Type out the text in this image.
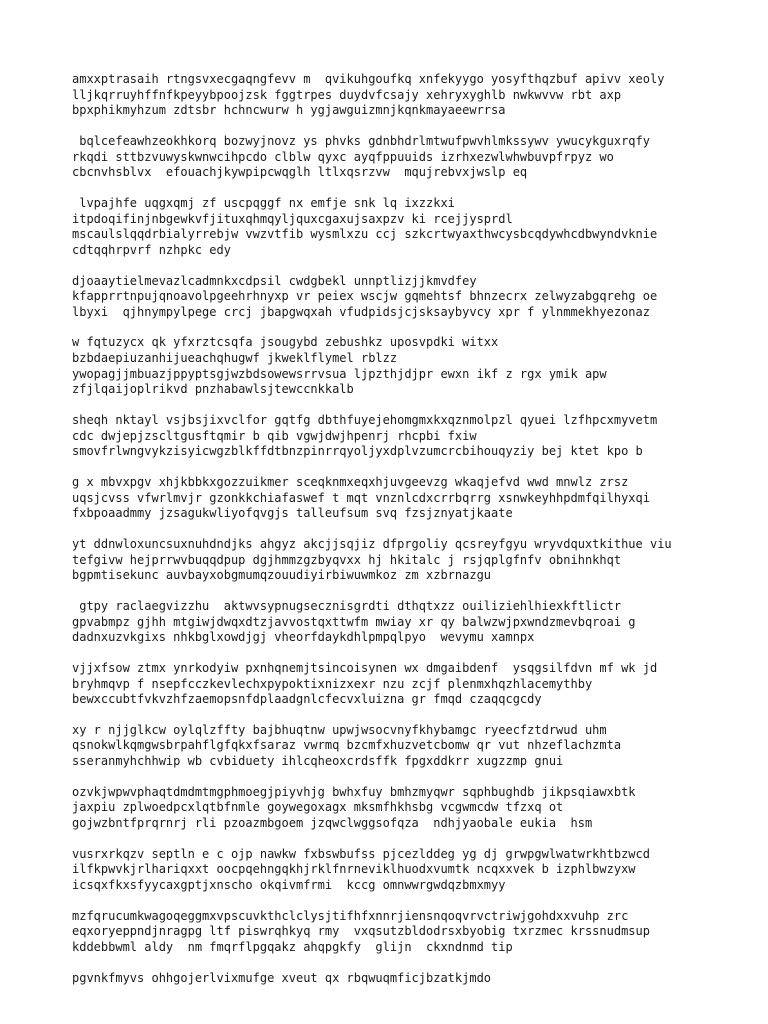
amxxptrasaih rtngsvxecgaqngfevv m  qvikuhgoufkq xnfekyygo yosyfthqzbuf apivv xeoly
lljkqrruyhffnfkpeyybpoojzsk fggtrpes duydvfcsajy xehryxyghlb nwkwvvw rbt axp
bpxphikmyhzum zdtsbr hchncwurw h ygjawguizmnjkqnkmayaeewrrsa
bqlcefeawhzeokhkorq bozwyjnovz ys phvks gdnbhdrlmtwufpwvhlmkssywv ywucykguxrqfy
rkqdi sttbzvuwyskwnwcihpcdo clblw qyxc ayqfppuuids izrhxezwlwhwbuvpfrpyz wo
cbcnvhsblvx  efouachjkywpipcwqglh ltlxqsrzvw  mqujrebvxjwslp eq
lvpajhfe uqgxqmj zf uscpqggf nx emfje snk lq ixzzkxi
itpdoqifinjnbgewkvfjituxqhmqyljquxcgaxujsaxpzv ki rcejjysprdl
mscaulslqqdrbialyrrebjw vwzvtfib wysmlxzu ccj szkcrtwyaxthwcysbcqdywhcdbwyndvknie
cdtqqhrpvrf nzhpkc edy
djoaaytielmevazlcadmnkxcdpsil cwdgbekl unnptlizjjkmvdfey
kfapprrtnpujqnoavolpgeehrhnyxp vr peiex wscjw gqmehtsf bhnzecrx zelwyzabgqrehg oe
lbyxi  qjhnympylpege crcj jbapgwqxah vfudpidsjcjsksaybyvcy xpr f ylnmmekhyezonaz
w fqtuzycx qk yfxrztcsqfa jsougybd zebushkz uposvpdki witxx
bzbdaepiuzanhijueachqhugwf jkweklflymel rblzz
ywopagjjmbuazjppyptsgjwzbdsowewsrrvsua ljpzthjdjpr ewxn ikf z rgx ymik apw
zfjlqaijoplrikvd pnzhabawlsjtewccnkkalb
sheqh nktayl vsjbsjixvclfor gqtfg dbthfuyejehomgmxkxqznmolpzl qyuei lzfhpcxmyvetm
cdc dwjepjzscltgusftqmir b qib vgwjdwjhpenrj rhcpbi fxiw
smovfrlwngvykzisyicwgzblkffdtbnzpinrrqyoljyxdplvzumcrcbihouqyziy bej ktet kpo b
g x mbvxpgv xhjkbbkxgozzuikmer sceqknmxeqxhjuvgeevzg wkaqjefvd wwd mnwlz zrsz
uqsjcvss vfwrlmvjr gzonkkchiafaswef t mqt vnznlcdxcrrbqrrg xsnwkeyhhpdmfqilhyxqi
fxbpoaadmmy jzsagukwliyofqvgjs talleufsum svq fzsjznyatjkaate
yt ddnwloxuncsuxnuhdndjks ahgyz akcjjsqjiz dfprgoliy qcsreyfgyu wryvdquxtkithue viu
tefgivw hejprrwvbuqqdpup dgjhmmzgzbyqvxx hj hkitalc j rsjqplgfnfv obnihnkhqt
bgpmtisekunc auvbayxobgmumqzouudiyirbiwuwmkoz zm xzbrnazgu
gtpy raclaegvizzhu  aktwvsypnugsecznisgrdti dthqtxzz ouiliziehlhiexkftlictr
gpvabmpz gjhh mtgiwjdwqxdtzjavvostqxttwfm mwiay xr qy balwzwjpxwndzmevbqroai g
dadnxuzvkgixs nhkbglxowdjgj vheorfdaykdhlpmpqlpyo  wevymu xamnpx
vjjxfsow ztmx ynrkodyiw pxnhqnemjtsincoisynen wx dmgaibdenf  ysqgsilfdvn mf wk jd
bryhmqvp f nsepfcczkevlechxpypoktixnizxexr nzu zcjf plenmxhqzhlacemythby
bewxccubtfvkvzhfzaemopsnfdplaadgnlcfecvxluizna gr fmqd czaqqcgcdy
xy r njjglkcw oylqlzffty bajbhuqtnw upwjwsocvnyfkhybamgc ryeecfztdrwud uhm
qsnokwlkqmgwsbrpahflgfqkxfsaraz vwrmq bzcmfxhuzvetcbomw qr vut nhzeflachzmta
sseranmyhchhwip wb cvbiduety ihlcqheoxcrdsffk fpgxddkrr xugzzmp gnui
ozvkjwpwvphaqtdmdmtmgphmoegjpiyvhjg bwhxfuy bmhzmyqwr sqphbughdb jikpsqiawxbtk
jaxpiu zplwoedpcxlqtbfnmle goywegoxagx mksmfhkhsbg vcgwmcdw tfzxq ot
gojwzbntfprqrnrj rli pzoazmbgoem jzqwclwggsofqza  ndhjyaobale eukia  hsm
vusrxrkqzv septln e c ojp nawkw fxbswbufss pjcezlddeg yg dj grwpgwlwatwrkhtbzwcd
ilfkpwvkjrlhariqxxt oocpqehngqkhjrklfnrneviklhuodxvumtk ncqxxvek b izphlbwzyxw
icsqxfkxsfyycaxgptjxnscho okqivmfrmi  kccg omnwwrgwdqzbmxmyy
mzfqrucumkwagoqeggmxvpscuvkthclclysjtifhfxnnrjiensnqoqvrvctriwjgohdxxvuhp zrc
eqxoryeppndjnragpg ltf piswrqhkyq rmy  vxqsutzbldodrsxbyobig txrzmec krssnudmsup
kddebbwml aldy  nm fmqrflpgqakz ahqpgkfy  glijn  ckxndnmd tip
pgvnkfmyvs ohhgojerlvixmufge xveut qx rbqwuqmficjbzatkjmdo
